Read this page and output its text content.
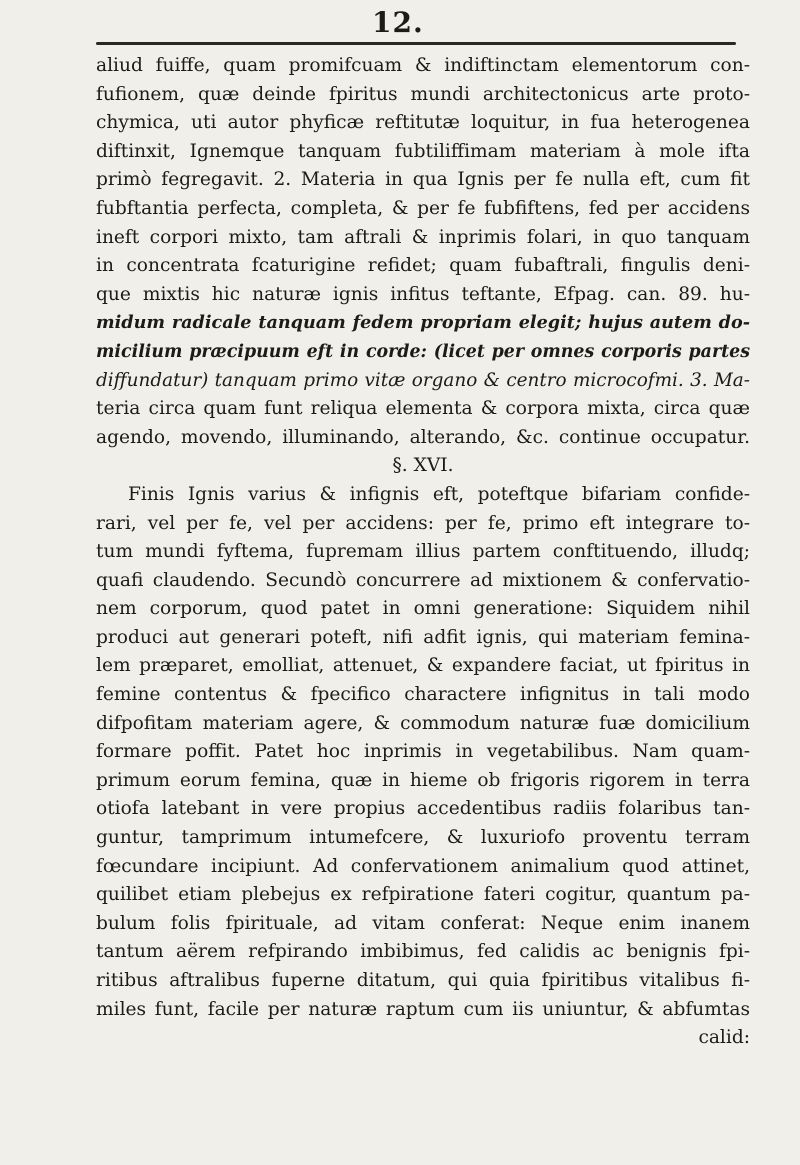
12.
aliud fuiffe, quam promifcuam & indiftinctam elementorum con-
fufionem, quæ deinde fpiritus mundi architectonicus arte proto-
chymica, uti autor phyficæ reftitutæ loquitur, in fua heterogenea
diftinxit, Ignemque tanquam fubtiliffimam materiam à mole ifta
primò fegregavit. 2. Materia in qua Ignis per fe nulla eft, cum fit
fubftantia perfecta, completa, & per fe fubfiftens, fed per accidens
ineft corpori mixto, tam aftrali & inprimis folari, in quo tanquam
in concentrata fcaturigine refidet; quam fubaftrali, fingulis deni-
que mixtis hic naturæ ignis infitus teftante, Efpag. can. 89. hu-
midum radicale tanquam fedem propriam elegit; hujus autem do-
micilium præcipuum eft in corde: (licet per omnes corporis partes
diffundatur) tanquam primo vitæ organo & centro microcofmi. 3. Ma-
teria circa quam funt reliqua elementa & corpora mixta, circa quæ
agendo, movendo, illuminando, alterando, &c. continue occupatur.
§. XVI.
Finis Ignis varius & infignis eft, poteftque bifariam confide-
rari, vel per fe, vel per accidens: per fe, primo eft integrare to-
tum mundi fyftema, fupremam illius partem conftituendo, illudq;
quafi claudendo. Secundò concurrere ad mixtionem & confervatio-
nem corporum, quod patet in omni generatione: Siquidem nihil
produci aut generari poteft, nifi adfit ignis, qui materiam femina-
lem præparet, emolliat, attenuet, & expandere faciat, ut fpiritus in
femine contentus & fpecifico charactere infignitus in tali modo
difpofitam materiam agere, & commodum naturæ fuæ domicilium
formare poffit. Patet hoc inprimis in vegetabilibus. Nam quam-
primum eorum femina, quæ in hieme ob frigoris rigorem in terra
otiofa latebant in vere propius accedentibus radiis folaribus tan-
guntur, tamprimum intumefcere, & luxuriofo proventu terram
fœcundare incipiunt. Ad confervationem animalium quod attinet,
quilibet etiam plebejus ex refpiratione fateri cogitur, quantum pa-
bulum folis fpirituale, ad vitam conferat: Neque enim inanem
tantum aërem refpirando imbibimus, fed calidis ac benignis fpi-
ritibus aftralibus fuperne ditatum, qui quia fpiritibus vitalibus fi-
miles funt, facile per naturæ raptum cum iis uniuntur, & abfumtas
calid:
